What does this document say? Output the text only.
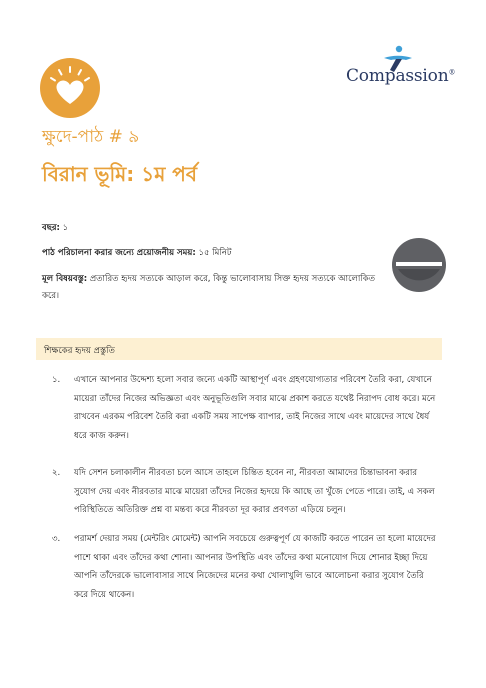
Compassion®
ক্ষুদে-পাঠ # ৯
বিরান ভূমি: ১ম পর্ব
বছর: ১
পাঠ পরিচালনা করার জন্যে প্রয়োজনীয় সময়: ১৫ মিনিট
মূল বিষয়বস্তু: প্রতারিত হৃদয় সত্যকে আড়াল করে, কিন্তু ভালোবাসায় সিক্ত হৃদয় সত্যকে আলোকিত করে।
শিক্ষকের হৃদয় প্রস্তুতি
১. এখানে আপনার উদ্দেশ্য হলো সবার জন্যে একটি আস্থাপূর্ণ এবং গ্রহণযোগ্যতার পরিবেশ তৈরি করা, যেখানে মায়েরা তাঁদের নিজের অভিজ্ঞতা এবং অনুভূতিগুলি সবার মাঝে প্রকাশ করতে যথেষ্ট নিরাপদ বোধ করে। মনে রাখবেন এরকম পরিবেশ তৈরি করা একটি সময় সাপেক্ষ ব্যাপার, তাই নিজের সাথে এবং মায়েদের সাথে ধৈর্য ধরে কাজ করুন।
২. যদি সেশন চলাকালীন নীরবতা চলে আসে তাহলে চিন্তিত হবেন না, নীরবতা আমাদের চিন্তাভাবনা করার সুযোগ দেয় এবং নীরবতার মাঝে মায়েরা তাঁদের নিজের হৃদয়ে কি আছে তা খুঁজে পেতে পারে। তাই, এ সকল পরিস্থিতিতে অতিরিক্ত প্রশ্ন বা মন্তব্য করে নীরবতা দূর করার প্রবণতা এড়িয়ে চলুন।
৩. পরামর্শ দেয়ার সময় (মেন্টরিং মোমেন্ট) আপনি সবচেয়ে গুরুত্বপূর্ণ যে কাজটি করতে পারেন তা হলো মায়েদের পাশে থাকা এবং তাঁদের কথা শোনা। আপনার উপস্থিতি এবং তাঁদের কথা মনোযোগ দিয়ে শোনার ইচ্ছা দিয়ে আপনি তাঁদেরকে ভালোবাসার সাথে নিজেদের মনের কথা খোলাখুলি ভাবে আলোচনা করার সুযোগ তৈরি করে দিয়ে থাকেন।
